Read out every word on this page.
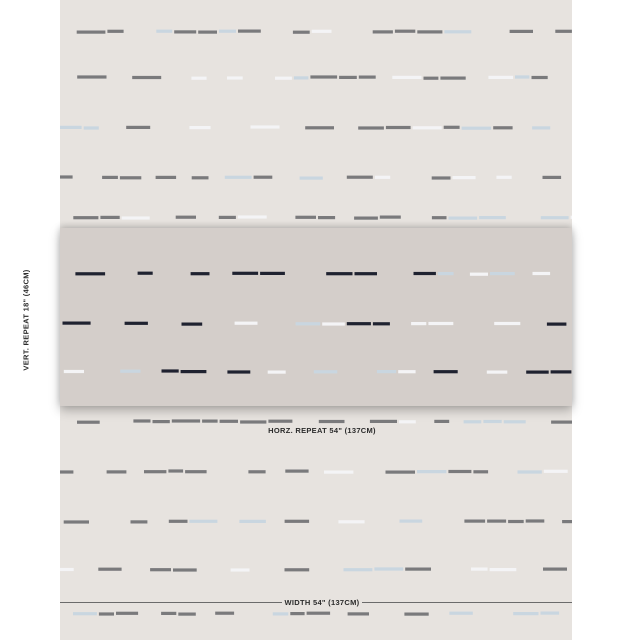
HORZ. REPEAT 54" (137CM)
WIDTH 54" (137CM)
VERT. REPEAT 18" (46CM)
